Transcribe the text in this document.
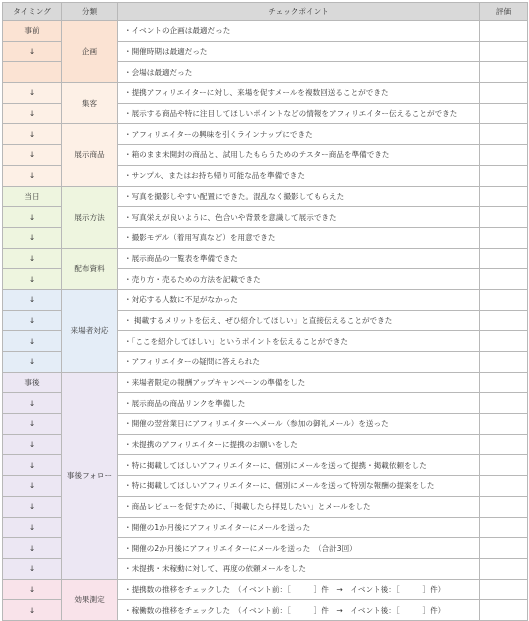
タイミング	分類	チェックポイント	評価
事前	企画	・イベントの企画は最適だった	
↓		・開催時期は最適だった	
		・会場は最適だった	
↓	集客	・提携アフィリエイターに対し、来場を促すメールを複数回送ることができた	
↓		・展示する商品や特に注目してほしいポイントなどの情報をアフィリエイター伝えることができた	
↓	展示商品	・アフィリエイターの興味を引くラインナップにできた	
↓		・箱のまま未開封の商品と、試用したもらうためのテスター商品を準備できた	
↓		・サンプル、またはお持ち帰り可能な品を準備できた	
当日	展示方法	・写真を撮影しやすい配置にできた。混乱なく撮影してもらえた	
↓		・写真栄えが良いように、色合いや背景を意識して展示できた	
↓		・撮影モデル（着用写真など）を用意できた	
↓	配布資料	・展示商品の一覧表を準備できた	
↓		・売り方・売るための方法を記載できた	
↓	来場者対応	・対応する人数に不足がなかった	
↓		・ 掲載するメリットを伝え、ぜひ紹介してほしい」と直接伝えることができた	
↓		・「ここを紹介してほしい」というポイントを伝えることができた	
↓		・アフィリエイターの疑問に答えられた	
事後	事後フォロー	・来場者限定の報酬アップキャンペーンの準備をした	
↓		・展示商品の商品リンクを準備した	
↓		・開催の翌営業日にアフィリエイターへメール（参加の御礼メール）を送った	
↓		・未提携のアフィリエイターに提携のお願いをした	
↓		・特に掲載してほしいアフィリエイターに、個別にメールを送って提携・掲載依頼をした	
↓		・特に掲載してほしいアフィリエイターに、個別にメールを送って特別な報酬の提案をした	
↓		・商品レビューを促すために、「掲載したら拝見したい」とメールをした	
↓		・開催の1か月後にアフィリエイターにメールを送った	
↓		・開催の2か月後にアフィリエイターにメールを送った　（合計3回）	
↓		・未提携・未稼動に対して、再度の依頼メールをした	
↓	効果測定	・提携数の推移をチェックした　（イベント前：［　　　］件　→　イベント後：［　　　］件）	
↓		・稼働数の推移をチェックした　（イベント前：［　　　］件　→　イベント後：［　　　］件）	
